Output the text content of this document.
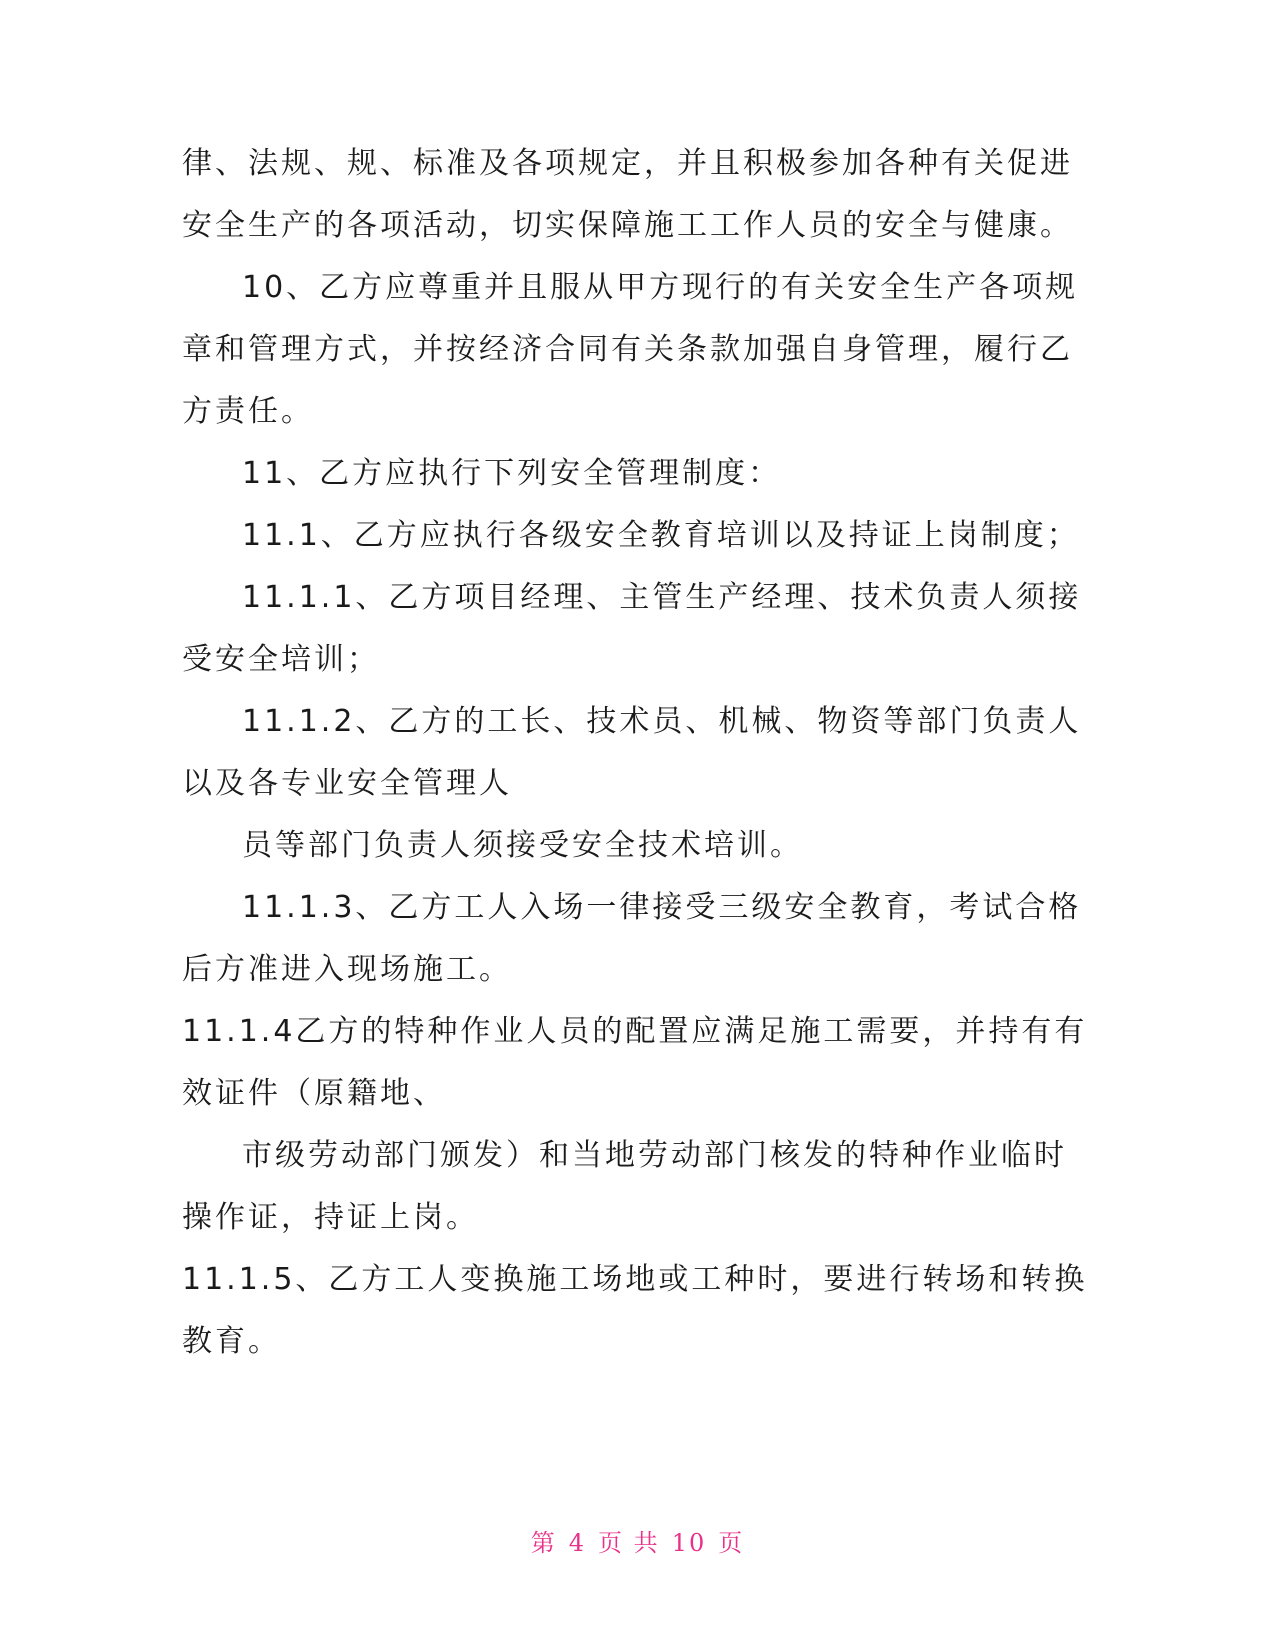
律、法规、规、标准及各项规定，并且积极参加各种有关促进

安全生产的各项活动，切实保障施工工作人员的安全与健康。

10、乙方应尊重并且服从甲方现行的有关安全生产各项规

章和管理方式，并按经济合同有关条款加强自身管理，履行乙

方责任。

11、乙方应执行下列安全管理制度：

11.1、乙方应执行各级安全教育培训以及持证上岗制度；

11.1.1、乙方项目经理、主管生产经理、技术负责人须接

受安全培训；

11.1.2、乙方的工长、技术员、机械、物资等部门负责人

以及各专业安全管理人

员等部门负责人须接受安全技术培训。

11.1.3、乙方工人入场一律接受三级安全教育，考试合格

后方准进入现场施工。

11.1.4乙方的特种作业人员的配置应满足施工需要，并持有有

效证件（原籍地、

市级劳动部门颁发）和当地劳动部门核发的特种作业临时

操作证，持证上岗。

11.1.5、乙方工人变换施工场地或工种时，要进行转场和转换

教育。

第 4 页 共 10 页
